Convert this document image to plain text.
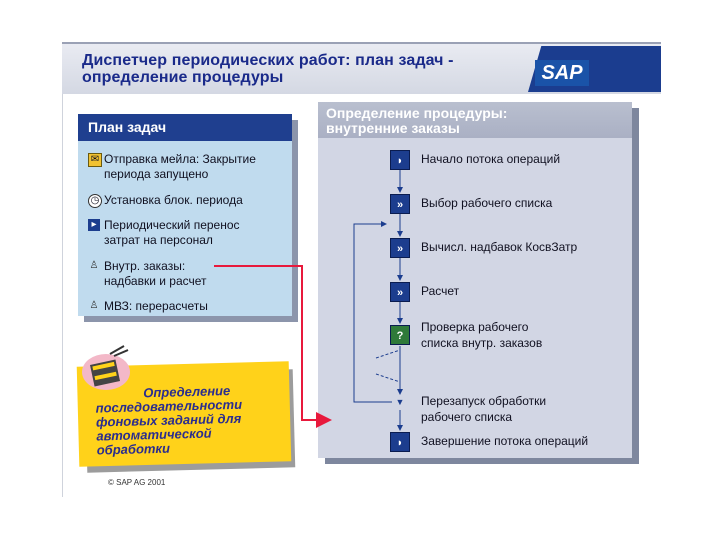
Диспетчер периодических работ: план задач -
определение процедуры	SAP
План задач
✉ Отправка мейла: Закрытие
периода запущено
◷ Установка блок. периода
▸ Периодический перенос
затрат на персонал
♙ Внутр. заказы:
надбавки и расчет
♙ МВЗ: перерасчеты
Определение процедуры:
внутренние заказы
◗	Начало потока операций
»	Выбор рабочего списка
»	Вычисл. надбавок КосвЗатр
»	Расчет
?
Проверка рабочего
списка внутр. заказов
▼ Перезапуск обработки
рабочего списка
◗	Завершение потока операций
Определение
последовательности
фоновых заданий для
автоматической
обработки
© SAP AG 2001
